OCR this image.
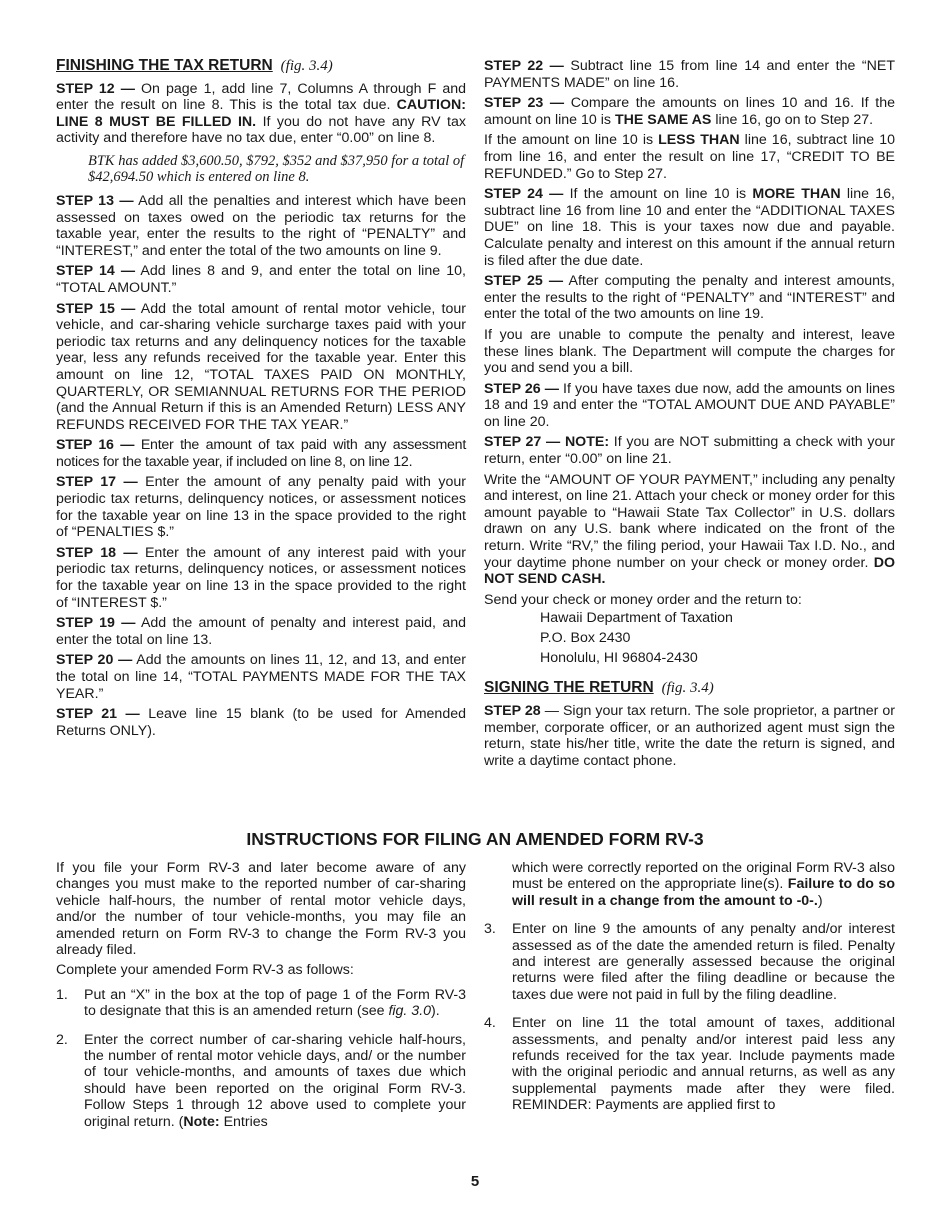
FINISHING THE TAX RETURN (fig. 3.4)

STEP 12 — On page 1, add line 7, Columns A through F and enter the result on line 8. This is the total tax due. CAUTION: LINE 8 MUST BE FILLED IN. If you do not have any RV tax activity and therefore have no tax due, enter “0.00” on line 8.

BTK has added $3,600.50, $792, $352 and $37,950 for a total of $42,694.50 which is entered on line 8.

STEP 13 — Add all the penalties and interest which have been assessed on taxes owed on the periodic tax returns for the taxable year, enter the results to the right of “PENALTY” and “INTEREST,” and enter the total of the two amounts on line 9.

STEP 14 — Add lines 8 and 9, and enter the total on line 10, “TOTAL AMOUNT.”

STEP 15 — Add the total amount of rental motor vehicle, tour vehicle, and car-sharing vehicle surcharge taxes paid with your periodic tax returns and any delinquency notices for the taxable year, less any refunds received for the taxable year. Enter this amount on line 12, “TOTAL TAXES PAID ON MONTHLY, QUARTERLY, OR SEMIANNUAL RETURNS FOR THE PERIOD (and the Annual Return if this is an Amended Return) LESS ANY REFUNDS RECEIVED FOR THE TAX YEAR.”

STEP 16 — Enter the amount of tax paid with any assessment notices for the taxable year, if included on line 8, on line 12.

STEP 17 — Enter the amount of any penalty paid with your periodic tax returns, delinquency notices, or assessment notices for the taxable year on line 13 in the space provided to the right of “PENALTIES $.”

STEP 18 — Enter the amount of any interest paid with your periodic tax returns, delinquency notices, or assessment notices for the taxable year on line 13 in the space provided to the right of “INTEREST $.”

STEP 19 — Add the amount of penalty and interest paid, and enter the total on line 13.

STEP 20 — Add the amounts on lines 11, 12, and 13, and enter the total on line 14, “TOTAL PAYMENTS MADE FOR THE TAX YEAR.”

STEP 21 — Leave line 15 blank (to be used for Amended Returns ONLY).

STEP 22 — Subtract line 15 from line 14 and enter the “NET PAYMENTS MADE” on line 16.

STEP 23 — Compare the amounts on lines 10 and 16. If the amount on line 10 is THE SAME AS line 16, go on to Step 27.

If the amount on line 10 is LESS THAN line 16, subtract line 10 from line 16, and enter the result on line 17, “CREDIT TO BE REFUNDED.” Go to Step 27.

STEP 24 — If the amount on line 10 is MORE THAN line 16, subtract line 16 from line 10 and enter the “ADDITIONAL TAXES DUE” on line 18. This is your taxes now due and payable. Calculate penalty and interest on this amount if the annual return is filed after the due date.

STEP 25 — After computing the penalty and interest amounts, enter the results to the right of “PENALTY” and “INTEREST” and enter the total of the two amounts on line 19.

If you are unable to compute the penalty and interest, leave these lines blank. The Department will compute the charges for you and send you a bill.

STEP 26 — If you have taxes due now, add the amounts on lines 18 and 19 and enter the “TOTAL AMOUNT DUE AND PAYABLE” on line 20.

STEP 27 — NOTE: If you are NOT submitting a check with your return, enter “0.00” on line 21.

Write the “AMOUNT OF YOUR PAYMENT,” including any penalty and interest, on line 21. Attach your check or money order for this amount payable to “Hawaii State Tax Collector” in U.S. dollars drawn on any U.S. bank where indicated on the front of the return. Write “RV,” the filing period, your Hawaii Tax I.D. No., and your daytime phone number on your check or money order. DO NOT SEND CASH.

Send your check or money order and the return to:

Hawaii Department of Taxation
P.O. Box 2430
Honolulu, HI 96804-2430
SIGNING THE RETURN (fig. 3.4)

STEP 28 — Sign your tax return. The sole proprietor, a partner or member, corporate officer, or an authorized agent must sign the return, state his/her title, write the date the return is signed, and write a daytime contact phone.

INSTRUCTIONS FOR FILING AN AMENDED FORM RV-3

If you file your Form RV-3 and later become aware of any changes you must make to the reported number of car-sharing vehicle half-hours, the number of rental motor vehicle days, and/or the number of tour vehicle-months, you may file an amended return on Form RV-3 to change the Form RV-3 you already filed.

Complete your amended Form RV-3 as follows:

1.	Put an “X” in the box at the top of page 1 of the Form RV-3 to designate that this is an amended return (see fig. 3.0).
2.	Enter the correct number of car-sharing vehicle half-hours, the number of rental motor vehicle days, and/ or the number of tour vehicle-months, and amounts of taxes due which should have been reported on the original Form RV-3. Follow Steps 1 through 12 above used to complete your original return. (Note: Entries
which were correctly reported on the original Form RV-3 also must be entered on the appropriate line(s). Failure to do so will result in a change from the amount to -0-.)
3.	Enter on line 9 the amounts of any penalty and/or interest assessed as of the date the amended return is filed. Penalty and interest are generally assessed because the original returns were filed after the filing deadline or because the taxes due were not paid in full by the filing deadline.
4.	Enter on line 11 the total amount of taxes, additional assessments, and penalty and/or interest paid less any refunds received for the tax year. Include payments made with the original periodic and annual returns, as well as any supplemental payments made after they were filed. REMINDER: Payments are applied first to
5
